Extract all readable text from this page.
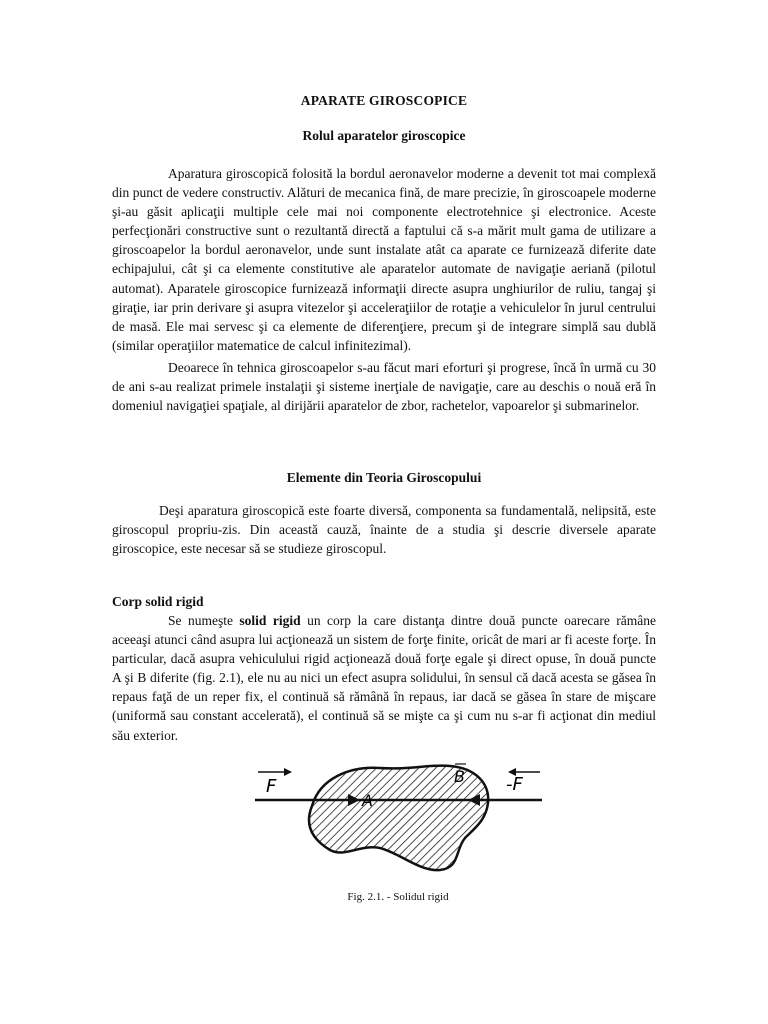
APARATE GIROSCOPICE
Rolul aparatelor giroscopice

Aparatura giroscopică folosită la bordul aeronavelor moderne a devenit tot mai complexă din punct de vedere constructiv. Alături de mecanica fină, de mare precizie, în giroscoapele moderne şi-au găsit aplicaţii multiple cele mai noi componente electrotehnice şi electronice. Aceste perfecţionări constructive sunt o rezultantă directă a faptului că s-a mărit mult gama de utilizare a giroscoapelor la bordul aeronavelor, unde sunt instalate atât ca aparate ce furnizează diferite date echipajului, cât şi ca elemente constitutive ale aparatelor automate de navigaţie aeriană (pilotul automat). Aparatele giroscopice furnizează informaţii directe asupra unghiurilor de ruliu, tangaj şi giraţie, iar prin derivare şi asupra vitezelor şi acceleraţiilor de rotaţie a vehiculelor în jurul centrului de masă. Ele mai servesc şi ca elemente de diferenţiere, precum şi de integrare simplă sau dublă (similar operaţiilor matematice de calcul infinitezimal).

Deoarece în tehnica giroscoapelor s-au făcut mari eforturi şi progrese, încă în urmă cu 30 de ani s-au realizat primele instalaţii şi sisteme inerţiale de navigaţie, care au deschis o nouă eră în domeniul navigaţiei spaţiale, al dirijării aparatelor de zbor, rachetelor, vapoarelor şi submarinelor.

Elemente din Teoria Giroscopului

Deşi aparatura giroscopică este foarte diversă, componenta sa fundamentală, nelipsită, este giroscopul propriu-zis. Din această cauză, înainte de a studia şi descrie diversele aparate giroscopice, este necesar să se studieze giroscopul.

Corp solid rigid

Se numeşte solid rigid un corp la care distanţa dintre două puncte oarecare rămâne aceeaşi atunci când asupra lui acţionează un sistem de forţe finite, oricât de mari ar fi aceste forţe. În particular, dacă asupra vehiculului rigid acţionează două forţe egale şi direct opuse, în două puncte A şi B diferite (fig. 2.1), ele nu au nici un efect asupra solidului, în sensul că dacă acesta se găsea în repaus faţă de un reper fix, el continuă să rămână în repaus, iar dacă se găsea în stare de mişcare (uniformă sau constant accelerată), el continuă să se mişte ca şi cum nu s-ar fi acţionat din mediul său exterior.

F	-F
A
B
Fig. 2.1. - Solidul rigid
